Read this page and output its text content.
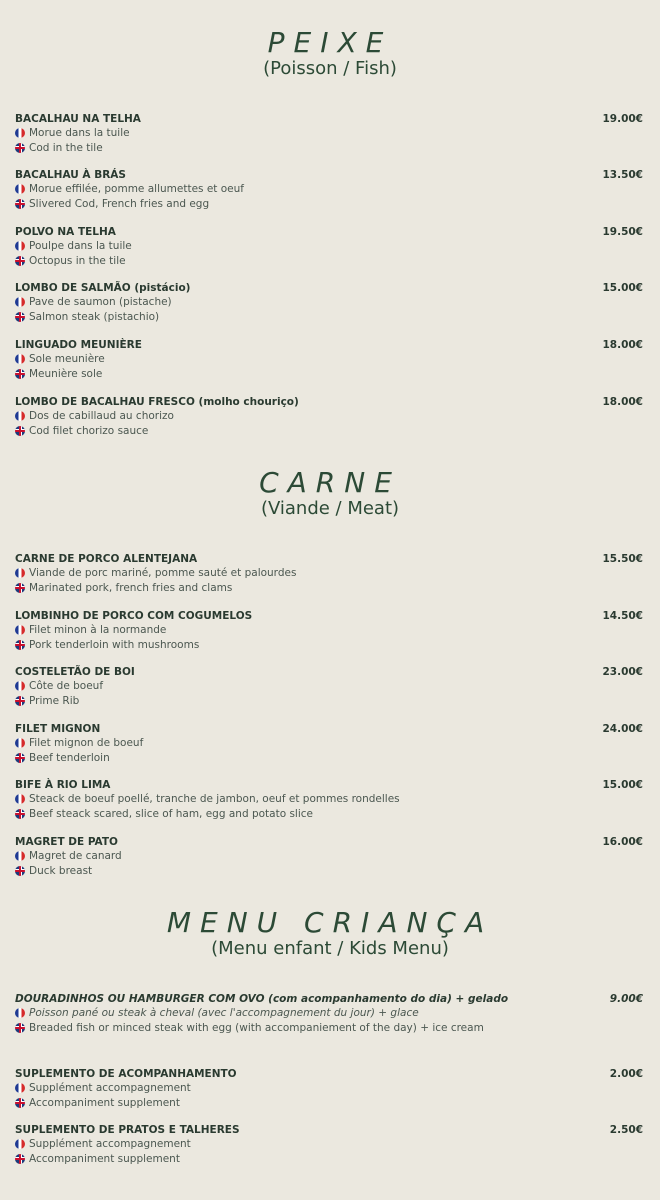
PEIXE

(Poisson / Fish)

BACALHAU NA TELHA	19.00€
Morue dans la tuile
Cod in the tile
BACALHAU À BRÁS	13.50€
Morue effilée, pomme allumettes et oeuf
Slivered Cod, French fries and egg
POLVO NA TELHA	19.50€
Poulpe dans la tuile
Octopus in the tile
LOMBO DE SALMÃO (pistácio)	15.00€
Pave de saumon (pistache)
Salmon steak (pistachio)
LINGUADO MEUNIÈRE	18.00€
Sole meunière
Meunière sole
LOMBO DE BACALHAU FRESCO (molho chouriço)	18.00€
Dos de cabillaud au chorizo
Cod filet chorizo sauce
CARNE

(Viande / Meat)

CARNE DE PORCO ALENTEJANA	15.50€
Viande de porc mariné, pomme sauté et palourdes
Marinated pork, french fries and clams
LOMBINHO DE PORCO COM COGUMELOS	14.50€
Filet minon à la normande
Pork tenderloin with mushrooms
COSTELETÃO DE BOI	23.00€
Côte de boeuf
Prime Rib
FILET MIGNON	24.00€
Filet mignon de boeuf
Beef tenderloin
BIFE À RIO LIMA	15.00€
Steack de boeuf poellé, tranche de jambon, oeuf et pommes rondelles
Beef steack scared, slice of ham, egg and potato slice
MAGRET DE PATO	16.00€
Magret de canard
Duck breast
MENU CRIANÇA

(Menu enfant / Kids Menu)

DOURADINHOS OU HAMBURGER COM OVO (com acompanhamento do dia) + gelado	9.00€
Poisson pané ou steak à cheval (avec l'accompagnement du jour) + glace
Breaded fish or minced steak with egg (with accompaniement of the day) + ice cream
SUPLEMENTO DE ACOMPANHAMENTO	2.00€
Supplément accompagnement
Accompaniment supplement
SUPLEMENTO DE PRATOS E TALHERES	2.50€
Supplément accompagnement
Accompaniment supplement
